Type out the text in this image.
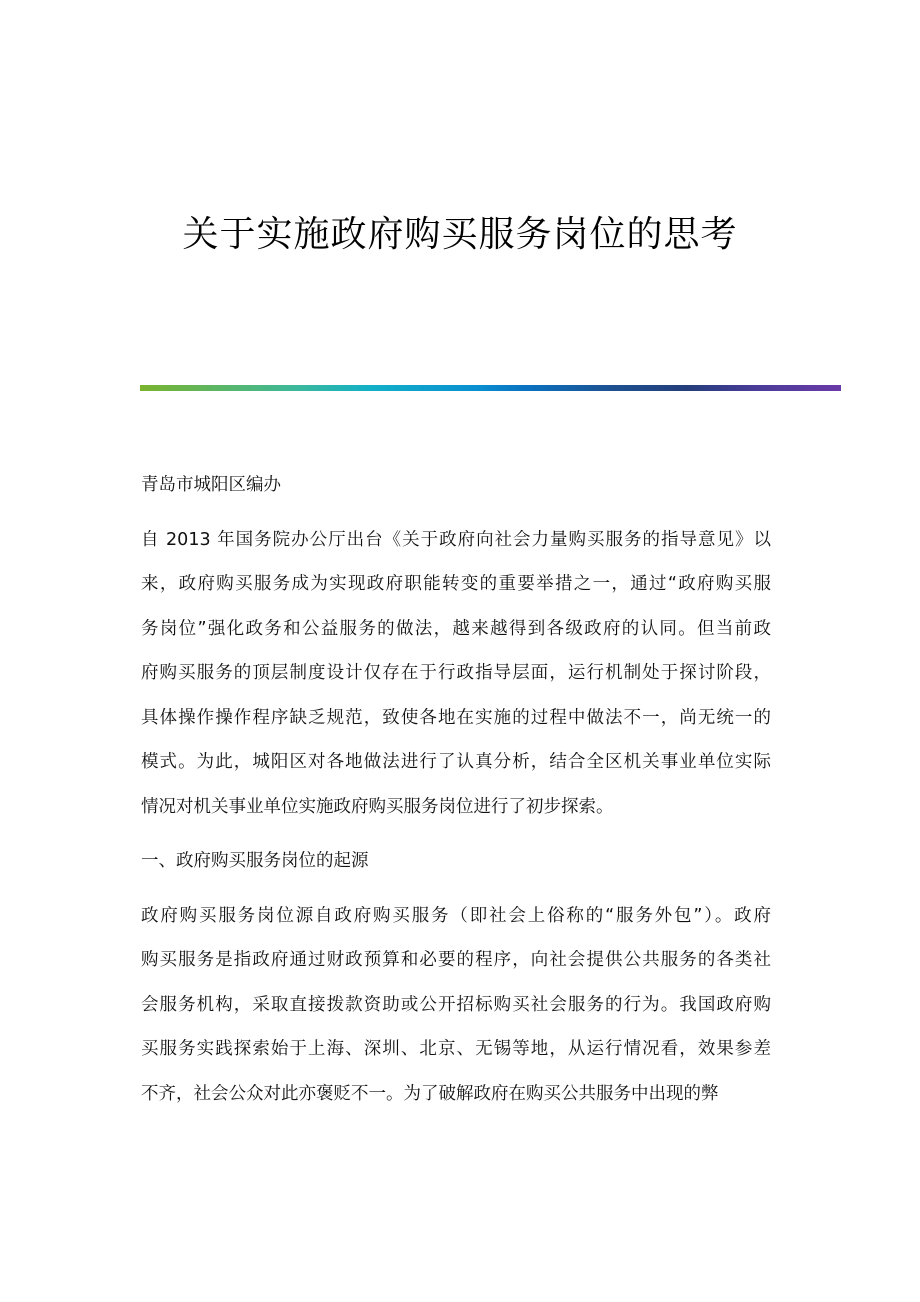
关于实施政府购买服务岗位的思考
青岛市城阳区编办
自 2013 年国务院办公厅出台《关于政府向社会力量购买服务的指导意见》以
来，政府购买服务成为实现政府职能转变的重要举措之一，通过“政府购买服
务岗位”强化政务和公益服务的做法，越来越得到各级政府的认同。但当前政
府购买服务的顶层制度设计仅存在于行政指导层面，运行机制处于探讨阶段，
具体操作操作程序缺乏规范，致使各地在实施的过程中做法不一，尚无统一的
模式。为此，城阳区对各地做法进行了认真分析，结合全区机关事业单位实际
情况对机关事业单位实施政府购买服务岗位进行了初步探索。
一、政府购买服务岗位的起源
政府购买服务岗位源自政府购买服务（即社会上俗称的“服务外包”）。政府
购买服务是指政府通过财政预算和必要的程序，向社会提供公共服务的各类社
会服务机构，采取直接拨款资助或公开招标购买社会服务的行为。我国政府购
买服务实践探索始于上海、深圳、北京、无锡等地，从运行情况看，效果参差
不齐，社会公众对此亦褒贬不一。为了破解政府在购买公共服务中出现的弊
